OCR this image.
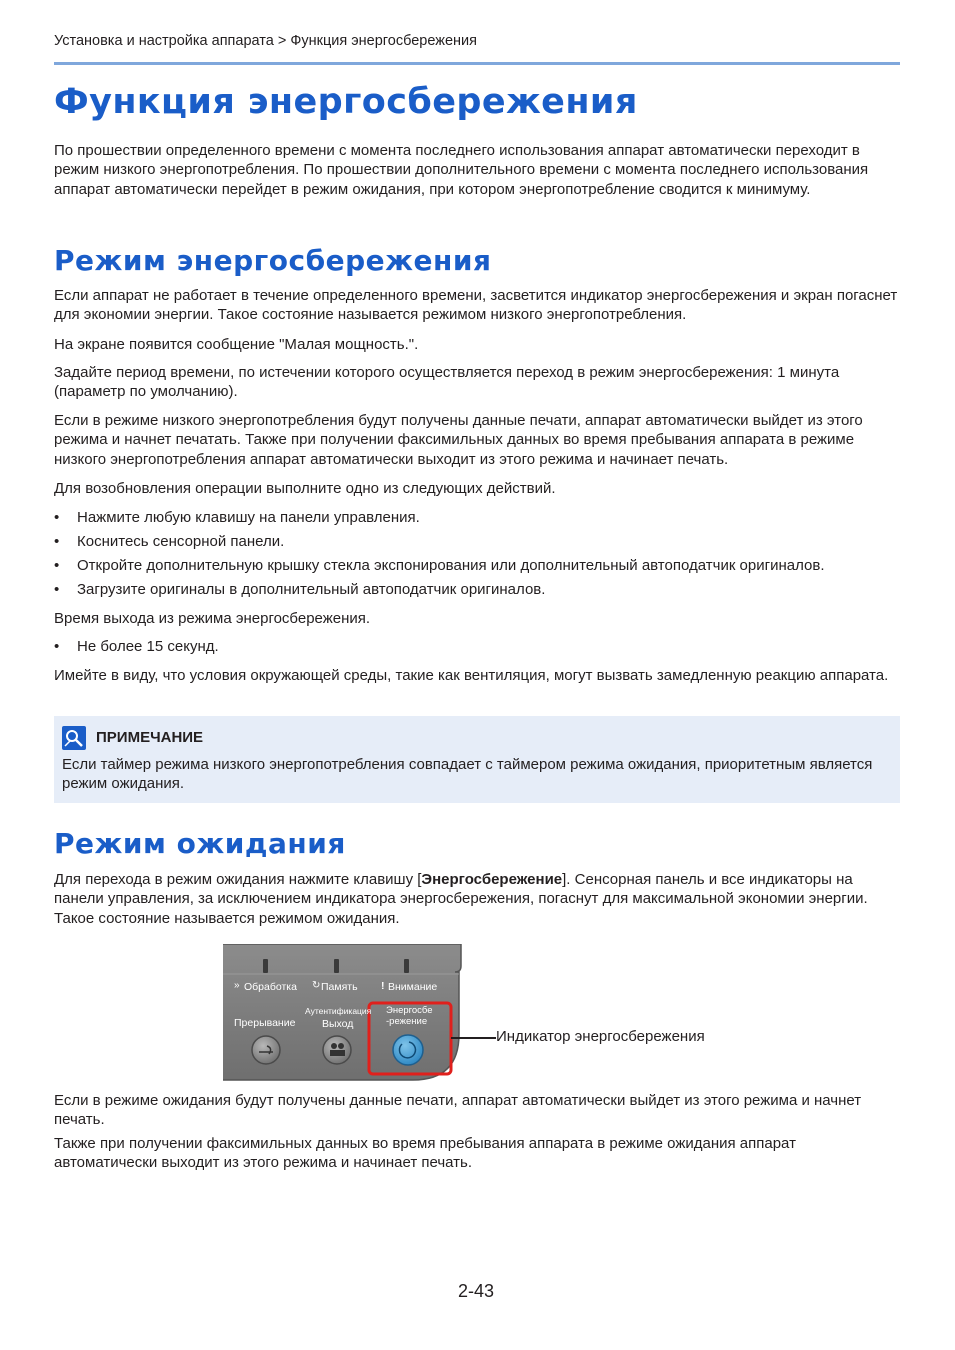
Установка и настройка аппарата > Функция энергосбережения
Функция энергосбережения

По прошествии определенного времени с момента последнего использования аппарат автоматически переходит в режим низкого энергопотребления. По прошествии дополнительного времени с момента последнего использования аппарат автоматически перейдет в режим ожидания, при котором энергопотребление сводится к минимуму.

Режим энергосбережения

Если аппарат не работает в течение определенного времени, засветится индикатор энергосбережения и экран погаснет для экономии энергии. Такое состояние называется режимом низкого энергопотребления.

На экране появится сообщение "Малая мощность.".

Задайте период времени, по истечении которого осуществляется переход в режим энергосбережения: 1 минута (параметр по умолчанию).

Если в режиме низкого энергопотребления будут получены данные печати, аппарат автоматически выйдет из этого режима и начнет печатать. Также при получении факсимильных данных во время пребывания аппарата в режиме низкого энергопотребления аппарат автоматически выходит из этого режима и начинает печать.

Для возобновления операции выполните одно из следующих действий.

• Нажмите любую клавишу на панели управления.
• Коснитесь сенсорной панели.
• Откройте дополнительную крышку стекла экспонирования или дополнительный автоподатчик оригиналов.
• Загрузите оригиналы в дополнительный автоподатчик оригиналов.

Время выхода из режима энергосбережения.

• Не более 15 секунд.

Имейте в виду, что условия окружающей среды, такие как вентиляция, могут вызвать замедленную реакцию аппарата.

ПРИМЕЧАНИЕ
Если таймер режима низкого энергопотребления совпадает с таймером режима ожидания, приоритетным является режим ожидания.
Режим ожидания

Для перехода в режим ожидания нажмите клавишу [Энергосбережение]. Сенсорная панель и все индикаторы на панели управления, за исключением индикатора энергосбережения, погаснут для максимальной экономии энергии. Такое состояние называется режимом ожидания.

Обработка Память	Внимание
»	↻	!
Прерывание
Аутентификация
Выход
Энергосбе
-режение
Индикатор энергосбережения

Если в режиме ожидания будут получены данные печати, аппарат автоматически выйдет из этого режима и начнет печать.

Также при получении факсимильных данных во время пребывания аппарата в режиме ожидания аппарат автоматически выходит из этого режима и начинает печать.

2-43
